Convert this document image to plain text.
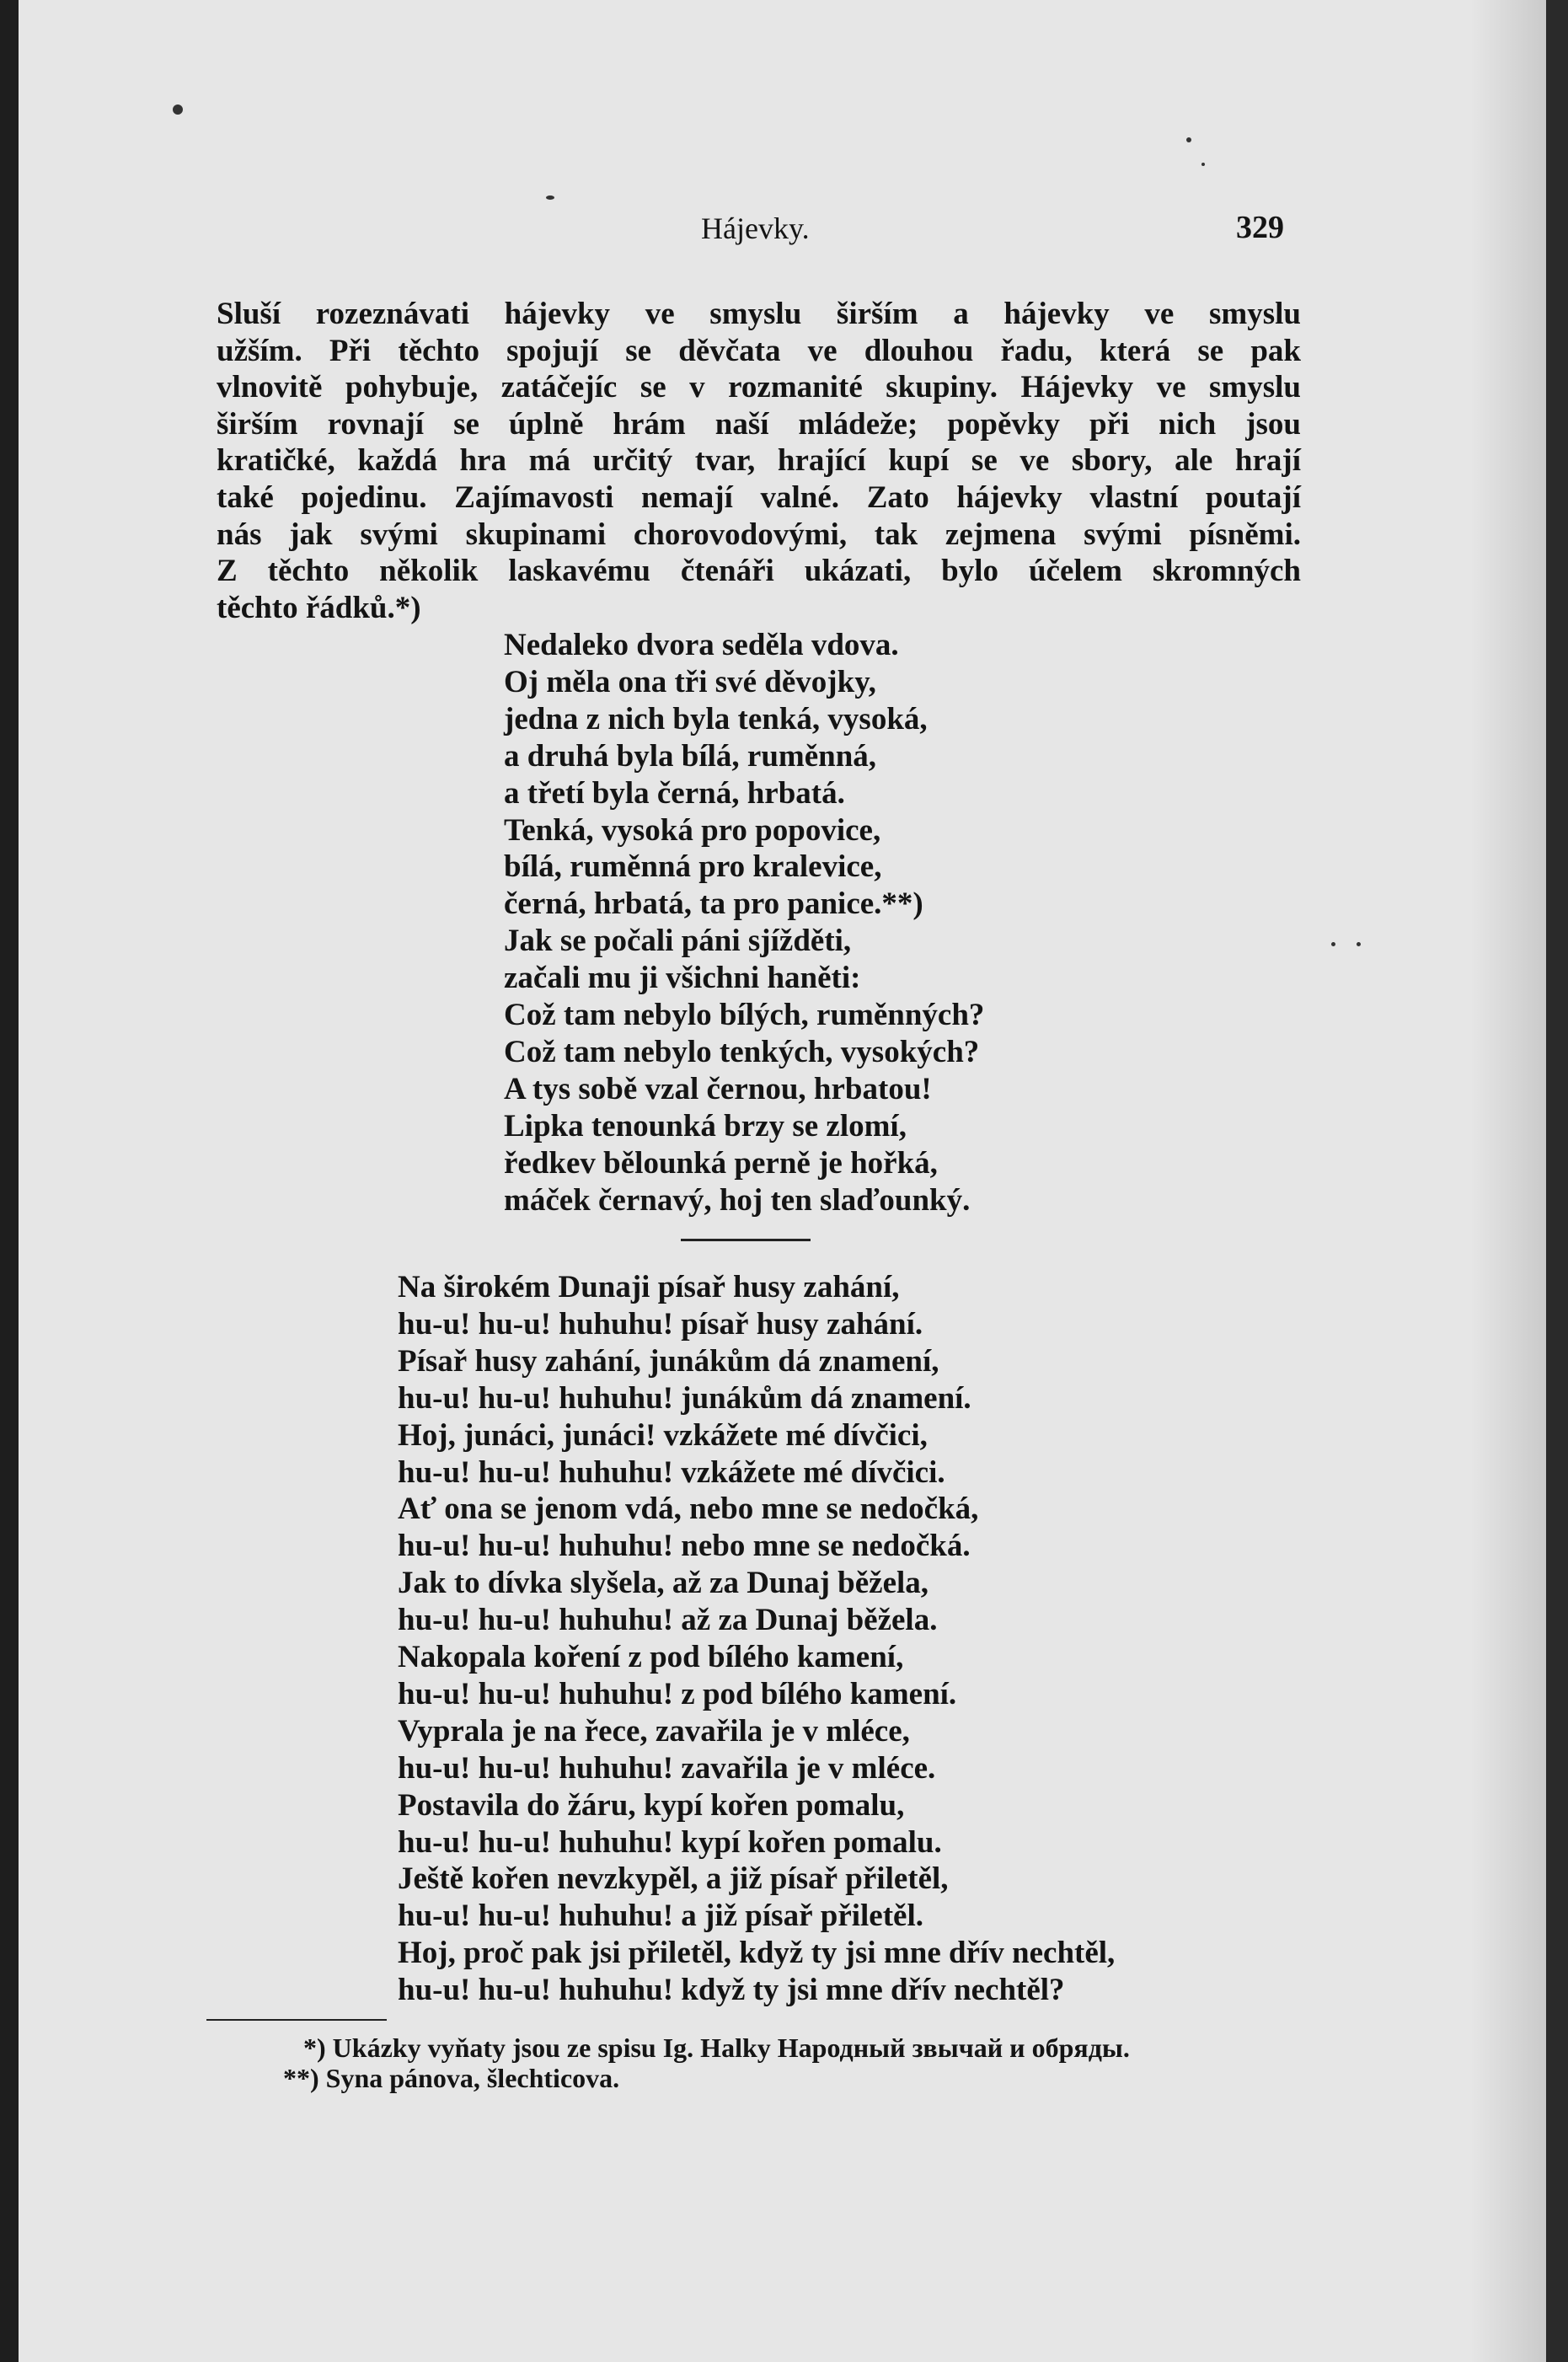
Hájevky.	329
Sluší rozeznávati hájevky ve smyslu širším a hájevky ve smyslu
užším. Při těchto spojují se děvčata ve dlouhou řadu, která se pak
vlnovitě pohybuje, zatáčejíc se v rozmanité skupiny. Hájevky ve smyslu
širším rovnají se úplně hrám naší mládeže; popěvky při nich jsou
kratičké, každá hra má určitý tvar, hrající kupí se ve sbory, ale hrají
také pojedinu. Zajímavosti nemají valné. Zato hájevky vlastní poutají
nás jak svými skupinami chorovodovými, tak zejmena svými písněmi.
Z těchto několik laskavému čtenáři ukázati, bylo účelem skromných
těchto řádků.*)
Nedaleko dvora seděla vdova.
Oj měla ona tři své děvojky,
jedna z nich byla tenká, vysoká,
a druhá byla bílá, ruměnná,
a třetí byla černá, hrbatá.
Tenká, vysoká pro popovice,
bílá, ruměnná pro kralevice,
černá, hrbatá, ta pro panice.**)
Jak se počali páni sjížděti,
začali mu ji všichni haněti:
Což tam nebylo bílých, ruměnných?
Což tam nebylo tenkých, vysokých?
A tys sobě vzal černou, hrbatou!
Lipka tenounká brzy se zlomí,
ředkev bělounká perně je hořká,
máček černavý, hoj ten slaďounký.
Na širokém Dunaji písař husy zahání,
hu-u! hu-u! huhuhu! písař husy zahání.
Písař husy zahání, junákům dá znamení,
hu-u! hu-u! huhuhu! junákům dá znamení.
Hoj, junáci, junáci! vzkážete mé dívčici,
hu-u! hu-u! huhuhu! vzkážete mé dívčici.
Ať ona se jenom vdá, nebo mne se nedočká,
hu-u! hu-u! huhuhu! nebo mne se nedočká.
Jak to dívka slyšela, až za Dunaj běžela,
hu-u! hu-u! huhuhu! až za Dunaj běžela.
Nakopala koření z pod bílého kamení,
hu-u! hu-u! huhuhu! z pod bílého kamení.
Vyprala je na řece, zavařila je v mléce,
hu-u! hu-u! huhuhu! zavařila je v mléce.
Postavila do žáru, kypí kořen pomalu,
hu-u! hu-u! huhuhu! kypí kořen pomalu.
Ještě kořen nevzkypěl, a již písař přiletěl,
hu-u! hu-u! huhuhu! a již písař přiletěl.
Hoj, proč pak jsi přiletěl, když ty jsi mne dřív nechtěl,
hu-u! hu-u! huhuhu! když ty jsi mne dřív nechtěl?
*) Ukázky vyňaty jsou ze spisu Ig. Halky Народный звычай и обряды.
**) Syna pánova, šlechticova.
